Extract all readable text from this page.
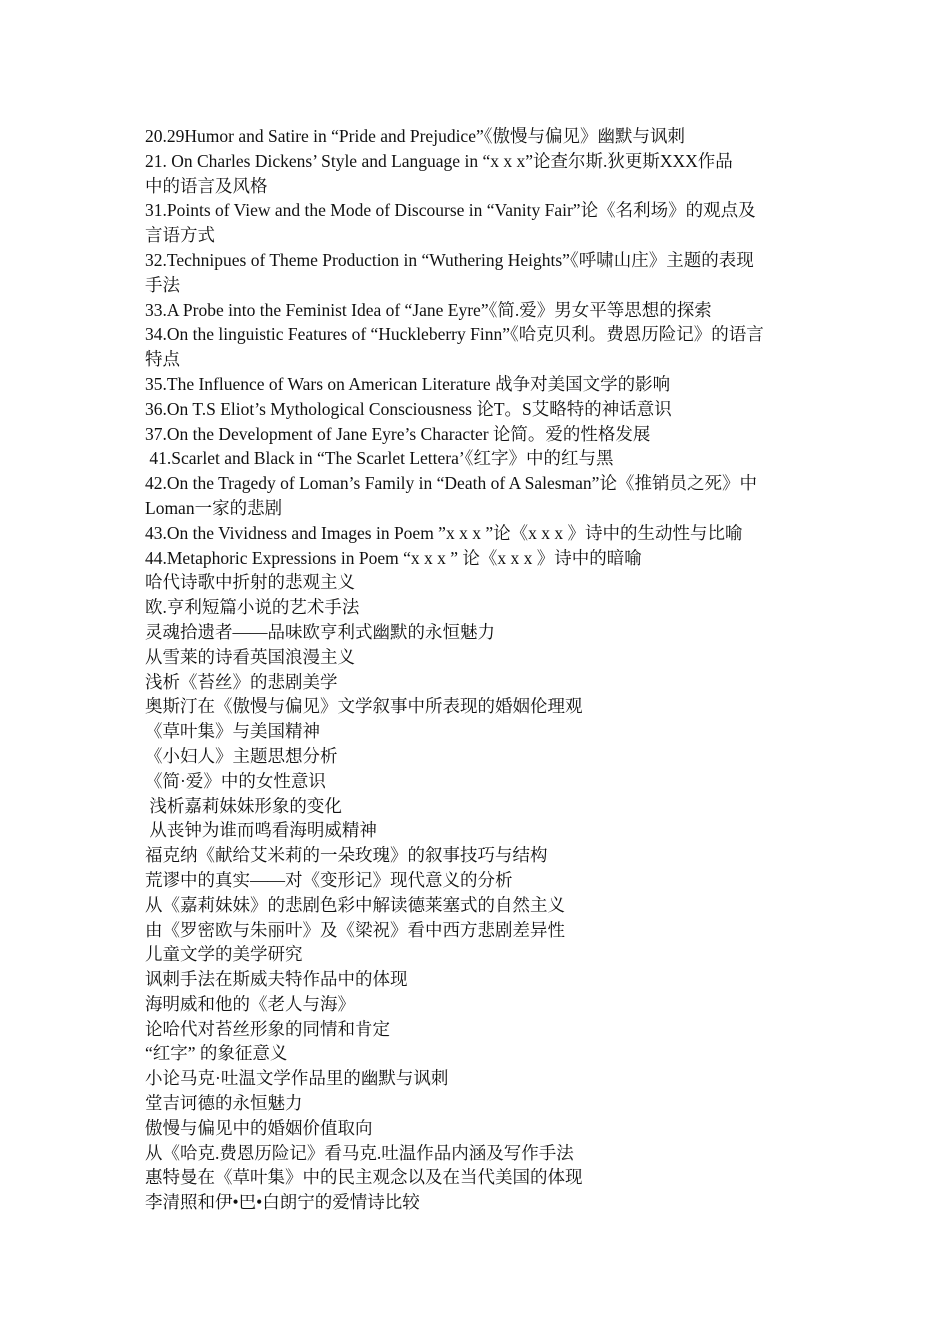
20.29Humor and Satire in “Pride and Prejudice”《傲慢与偏见》幽默与讽刺

21. On Charles Dickens’ Style and Language in “x x x”论查尔斯.狄更斯XXX作品

中的语言及风格

31.Points of View and the Mode of Discourse in “Vanity Fair”论《名利场》的观点及

言语方式

32.Technipues of Theme Production in “Wuthering Heights”《呼啸山庄》主题的表现

手法

33.A Probe into the Feminist Idea of “Jane Eyre”《简.爱》男女平等思想的探索

34.On the linguistic Features of “Huckleberry Finn”《哈克贝利。费恩历险记》的语言

特点

35.The Influence of Wars on American Literature 战争对美国文学的影响

36.On T.S Eliot’s Mythological Consciousness 论T。S艾略特的神话意识

37.On the Development of Jane Eyre’s Character 论简。爱的性格发展

41.Scarlet and Black in “The Scarlet Lettera’《红字》中的红与黑

42.On the Tragedy of Loman’s Family in “Death of A Salesman”论《推销员之死》中

Loman一家的悲剧

43.On the Vividness and Images in Poem ”x x x ”论《x x x 》诗中的生动性与比喻

44.Metaphoric Expressions in Poem “x x x ” 论《x x x 》诗中的暗喻

哈代诗歌中折射的悲观主义

欧.亨利短篇小说的艺术手法

灵魂拾遗者——品味欧亨利式幽默的永恒魅力

从雪莱的诗看英国浪漫主义

浅析《苔丝》的悲剧美学

奥斯汀在《傲慢与偏见》文学叙事中所表现的婚姻伦理观

《草叶集》与美国精神

《小妇人》主题思想分析

《简·爱》中的女性意识

浅析嘉莉妹妹形象的变化

从丧钟为谁而鸣看海明威精神

福克纳《献给艾米莉的一朵玫瑰》的叙事技巧与结构

荒谬中的真实——对《变形记》现代意义的分析

从《嘉莉妹妹》的悲剧色彩中解读德莱塞式的自然主义

由《罗密欧与朱丽叶》及《梁祝》看中西方悲剧差异性

儿童文学的美学研究

讽刺手法在斯威夫特作品中的体现

海明威和他的《老人与海》

论哈代对苔丝形象的同情和肯定

“红字” 的象征意义

小论马克·吐温文学作品里的幽默与讽刺

堂吉诃德的永恒魅力

傲慢与偏见中的婚姻价值取向

从《哈克.费恩历险记》看马克.吐温作品内涵及写作手法

惠特曼在《草叶集》中的民主观念以及在当代美国的体现

李清照和伊•巴•白朗宁的爱情诗比较
